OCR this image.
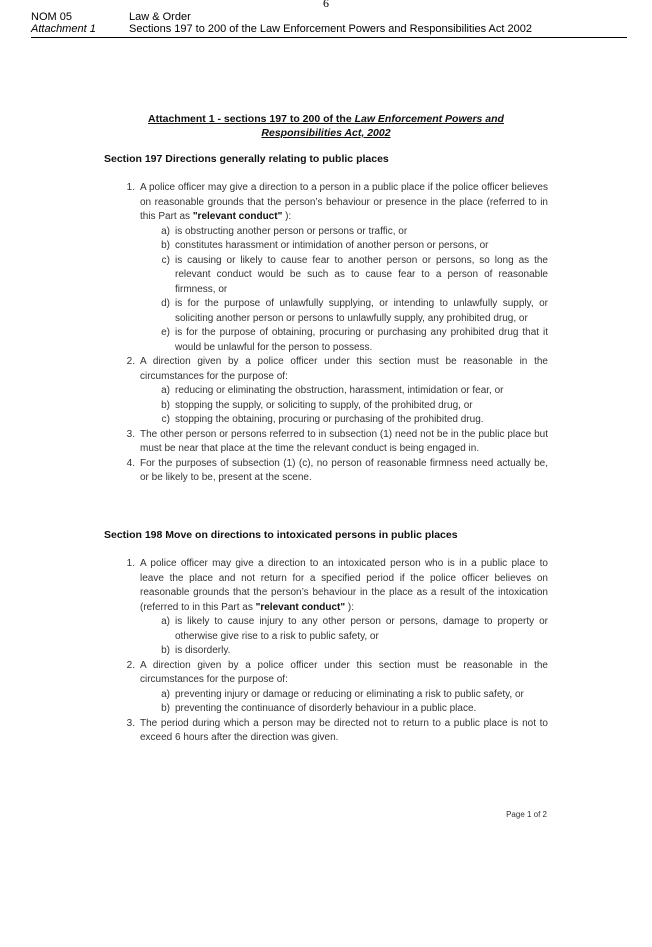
6
NOM 05
Attachment 1
Law & Order
Sections 197 to 200 of the Law Enforcement Powers and Responsibilities Act 2002
Attachment 1 - sections 197 to 200 of the Law Enforcement Powers and
Responsibilities Act, 2002
Section 197 Directions generally relating to public places
1. A police officer may give a direction to a person in a public place if the police officer believes on reasonable grounds that the person’s behaviour or presence in the place (referred to in this Part as "relevant conduct" ):
a) is obstructing another person or persons or traffic, or
b) constitutes harassment or intimidation of another person or persons, or
c) is causing or likely to cause fear to another person or persons, so long as the relevant conduct would be such as to cause fear to a person of reasonable firmness, or
d) is for the purpose of unlawfully supplying, or intending to unlawfully supply, or soliciting another person or persons to unlawfully supply, any prohibited drug, or
e) is for the purpose of obtaining, procuring or purchasing any prohibited drug that it would be unlawful for the person to possess.
2. A direction given by a police officer under this section must be reasonable in the circumstances for the purpose of:
a) reducing or eliminating the obstruction, harassment, intimidation or fear, or
b) stopping the supply, or soliciting to supply, of the prohibited drug, or
c) stopping the obtaining, procuring or purchasing of the prohibited drug.
3. The other person or persons referred to in subsection (1) need not be in the public place but must be near that place at the time the relevant conduct is being engaged in.
4. For the purposes of subsection (1) (c), no person of reasonable firmness need actually be, or be likely to be, present at the scene.
Section 198 Move on directions to intoxicated persons in public places
1. A police officer may give a direction to an intoxicated person who is in a public place to leave the place and not return for a specified period if the police officer believes on reasonable grounds that the person’s behaviour in the place as a result of the intoxication (referred to in this Part as "relevant conduct" ):
a) is likely to cause injury to any other person or persons, damage to property or otherwise give rise to a risk to public safety, or
b) is disorderly.
2. A direction given by a police officer under this section must be reasonable in the circumstances for the purpose of:
a) preventing injury or damage or reducing or eliminating a risk to public safety, or
b) preventing the continuance of disorderly behaviour in a public place.
3. The period during which a person may be directed not to return to a public place is not to exceed 6 hours after the direction was given.
Page 1 of 2
